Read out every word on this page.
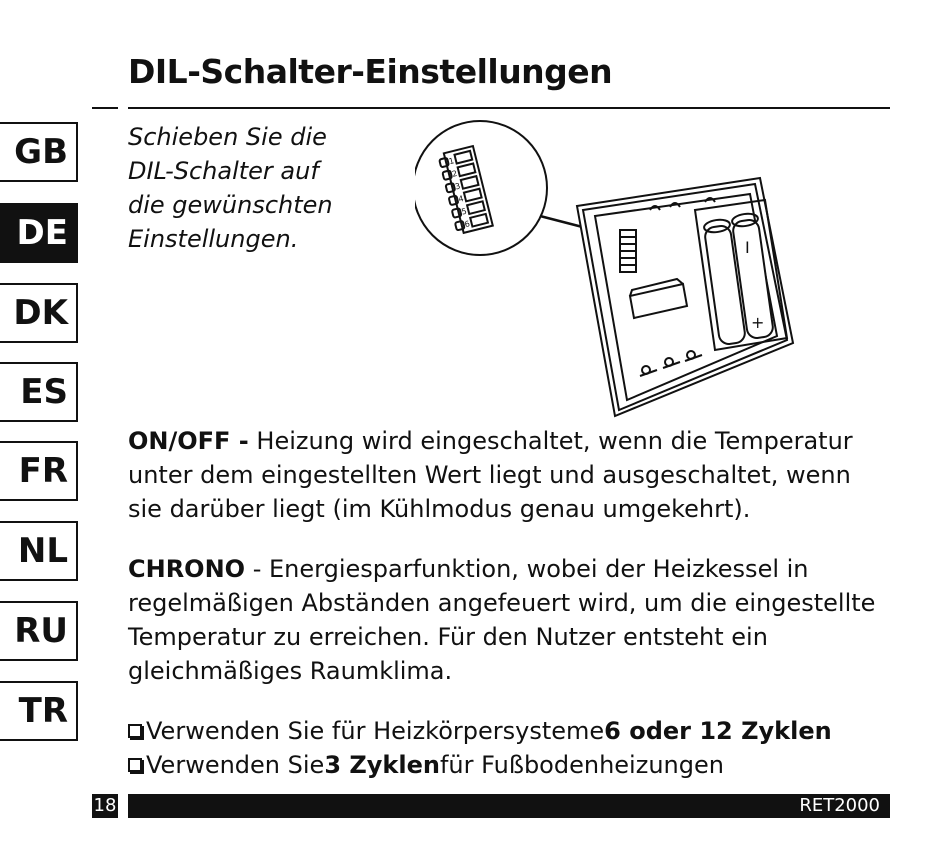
DIL-Schalter-Einstellungen
GB
DE
DK
ES
FR
NL
RU
TR
Schieben Sie die
DIL-Schalter auf
die gewünschten
Einstellungen.
1
2
3
4
5
6
I
+
ON/OFF - Heizung wird eingeschaltet, wenn die Temperatur unter dem eingestellten Wert liegt und ausgeschaltet, wenn sie darüber liegt (im Kühlmodus genau umgekehrt).
CHRONO - Energiesparfunktion, wobei der Heizkessel in regelmäßigen Abständen angefeuert wird, um die eingestellte Temperatur zu erreichen. Für den Nutzer entsteht ein gleichmäßiges Raumklima.
Verwenden Sie für Heizkörpersysteme 6 oder 12 Zyklen
Verwenden Sie 3 Zyklen für Fußbodenheizungen
18	RET2000
